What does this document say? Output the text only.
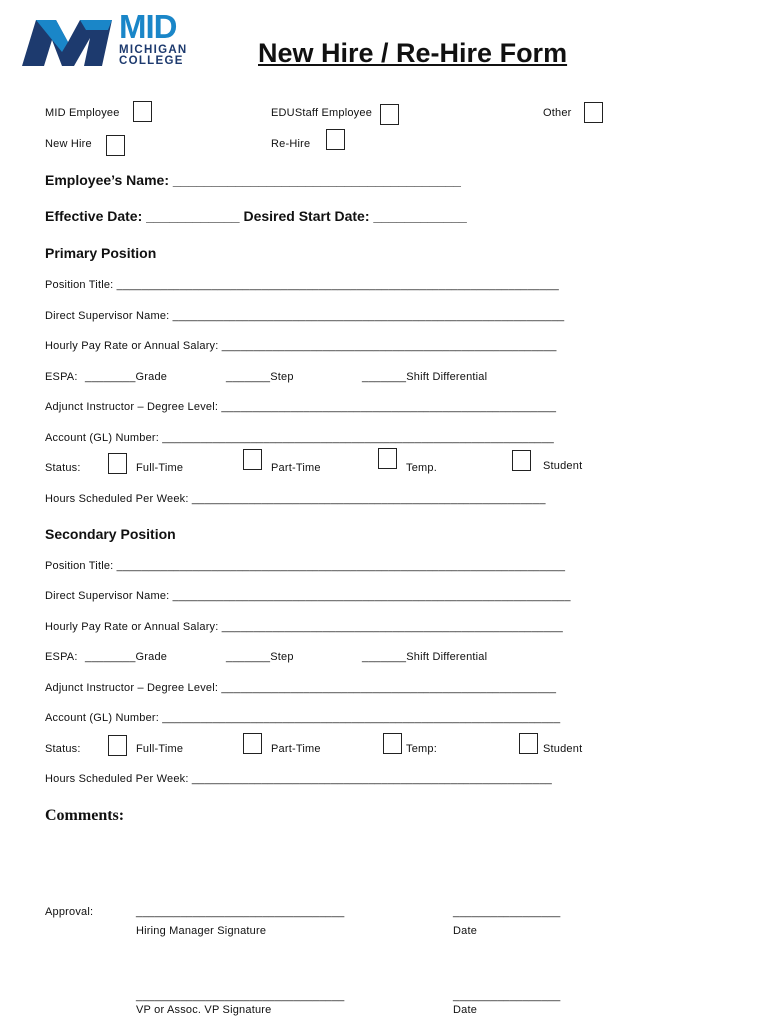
MID
MICHIGAN
COLLEGE	New Hire / Re-Hire Form
MID Employee	EDUStaff Employee	Other
New Hire	Re-Hire
Employee’s Name: _____________________________________
Effective Date: ____________ Desired Start Date: ____________
Primary Position
Position Title: ______________________________________________________________________
Direct Supervisor Name: ______________________________________________________________
Hourly Pay Rate or Annual Salary: _____________________________________________________
ESPA: ________Grade	_______Step	_______Shift Differential
Adjunct Instructor – Degree Level: _____________________________________________________
Account (GL) Number: ______________________________________________________________
Status:	Full-Time	Part-Time	Temp.	Student
Hours Scheduled Per Week: ________________________________________________________
Secondary Position
Position Title: _______________________________________________________________________
Direct Supervisor Name: _______________________________________________________________
Hourly Pay Rate or Annual Salary: ______________________________________________________
ESPA: ________Grade	_______Step	_______Shift Differential
Adjunct Instructor – Degree Level: _____________________________________________________
Account (GL) Number: _______________________________________________________________
Status:	Full-Time	Part-Time	Temp:	Student
Hours Scheduled Per Week: _________________________________________________________
Comments:
Approval:	_________________________________	_________________
Hiring Manager Signature	Date
_________________________________	_________________
VP or Assoc. VP Signature	Date
